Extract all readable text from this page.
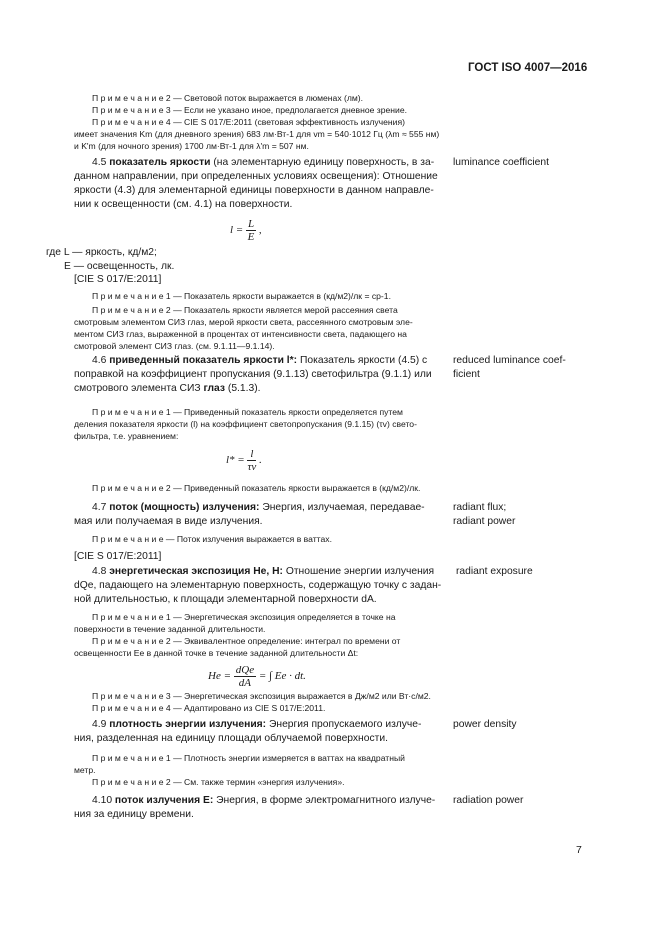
ГОСТ ISO 4007—2016
П р и м е ч а н и е 2 — Световой поток выражается в люменах (лм).
П р и м е ч а н и е 3 — Если не указано иное, предполагается дневное зрение.
П р и м е ч а н и е 4 — CIE S 017/E:2011 (световая эффективность излучения)
имеет значения Km (для дневного зрения) 683 лм·Вт-1 для vm = 540·1012 Гц (λm ≈ 555 нм)
и K'm (для ночного зрения) 1700 лм·Вт-1 для λ'm = 507 нм.
4.5 показатель яркости (на элементарную единицу поверхность, в за-
данном направлении, при определенных условиях освещения): Отношение
яркости (4.3) для элементарной единицы поверхности в данном направле-
нии к освещенности (см. 4.1) на поверхности.
luminance coefficient
$l = \frac{L}{E}$ ,
где L — яркость, кд/м2;
E — освещенность, лк.
[CIE S 017/E:2011]
П р и м е ч а н и е 1 — Показатель яркости выражается в (кд/м2)/лк = ср-1.
П р и м е ч а н и е 2 — Показатель яркости является мерой рассеяния света
смотровым элементом СИЗ глаз, мерой яркости света, рассеянного смотровым эле-
ментом СИЗ глаз, выраженной в процентах от интенсивности света, падающего на
смотровой элемент СИЗ глаз. (см. 9.1.11—9.1.14).
4.6 приведенный показатель яркости l*: Показатель яркости (4.5) с
поправкой на коэффициент пропускания (9.1.13) светофильтра (9.1.1) или
смотрового элемента СИЗ глаз (5.1.3).
reduced luminance coef-
ficient
П р и м е ч а н и е 1 — Приведенный показатель яркости определяется путем
деления показателя яркости (l) на коэффициент светопропускания (9.1.15) (τv) свето-
фильтра, т.е. уравнением:
$l* = \frac{l}{\tau v}$ .
П р и м е ч а н и е 2 — Приведенный показатель яркости выражается в (кд/м2)/лк.
4.7 поток (мощность) излучения: Энергия, излучаемая, передавае-
мая или получаемая в виде излучения.
radiant flux;
radiant power
П р и м е ч а н и е — Поток излучения выражается в ваттах.
[CIE S 017/E:2011]
4.8 энергетическая экспозиция He, H: Отношение энергии излучения
dQe, падающего на элементарную поверхность, содержащую точку с задан-
ной длительностью, к площади элементарной поверхности dA.
radiant exposure
П р и м е ч а н и е 1 — Энергетическая экспозиция определяется в точке на
поверхности в течение заданной длительности.
П р и м е ч а н и е 2 — Эквивалентное определение: интеграл по времени от
освещенности Ee в данной точке в течение заданной длительности Δt:
$He = \frac{\text{dQe}}{dA}$ = ∫ Ee · dt.
П р и м е ч а н и е 3 — Энергетическая экспозиция выражается в Дж/м2 или Вт·с/м2.
П р и м е ч а н и е 4 — Адаптировано из CIE S 017/E:2011.
4.9 плотность энергии излучения: Энергия пропускаемого излуче-
ния, разделенная на единицу площади облучаемой поверхности.
power density
П р и м е ч а н и е 1 — Плотность энергии измеряется в ваттах на квадратный
метр.
П р и м е ч а н и е 2 — См. также термин «энергия излучения».
4.10 поток излучения E: Энергия, в форме электромагнитного излуче-
ния за единицу времени.
radiation power
7
